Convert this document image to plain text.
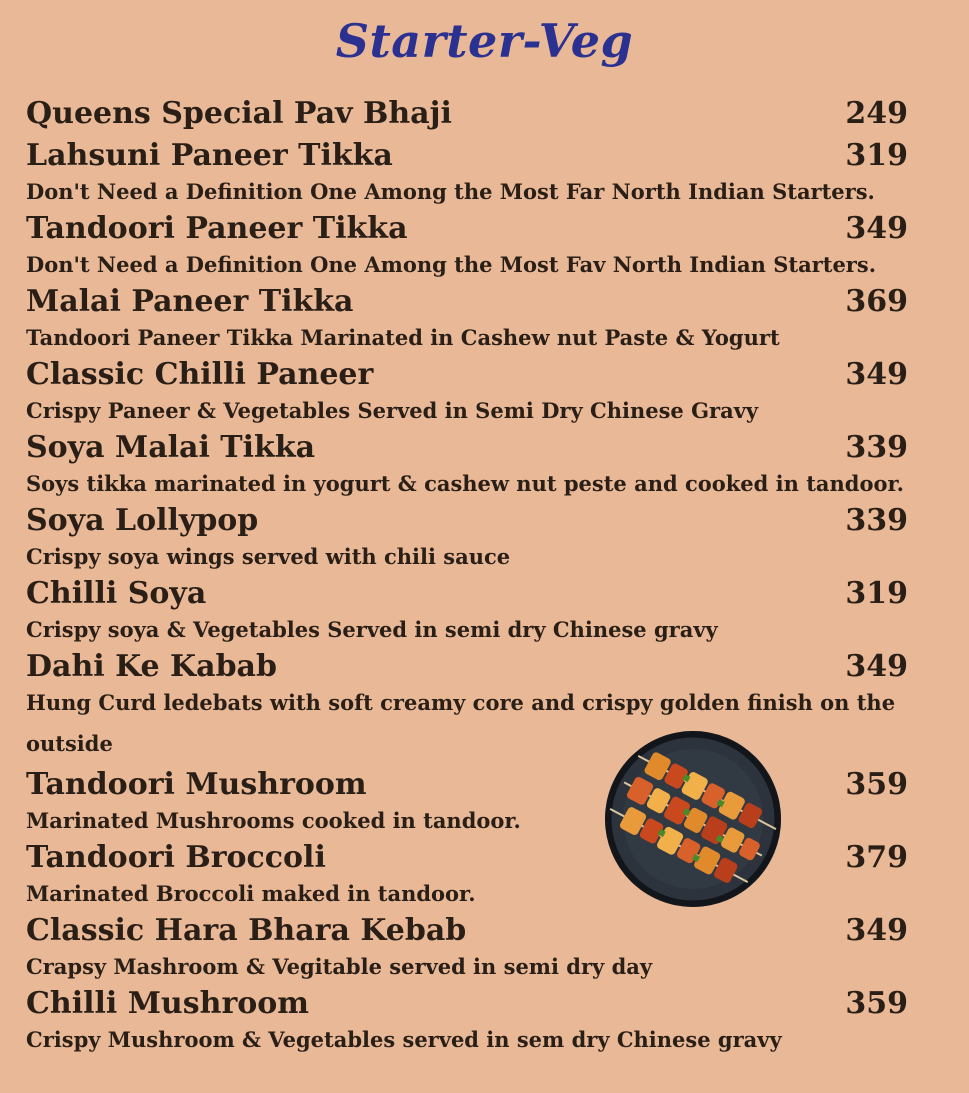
Starter-Veg
Queens Special Pav Bhaji	249
Lahsuni Paneer Tikka	319
Don't Need a Definition One Among the Most Far North Indian Starters.
Tandoori Paneer Tikka	349
Don't Need a Definition One Among the Most Fav North Indian Starters.
Malai Paneer Tikka	369
Tandoori Paneer Tikka Marinated in Cashew nut Paste & Yogurt
Classic Chilli Paneer	349
Crispy Paneer & Vegetables Served in Semi Dry Chinese Gravy
Soya Malai Tikka	339
Soys tikka marinated in yogurt & cashew nut peste and cooked in tandoor.
Soya Lollypop	339
Crispy soya wings served with chili sauce
Chilli Soya	319
Crispy soya & Vegetables Served in semi dry Chinese gravy
Dahi Ke Kabab	349
Hung Curd ledebats with soft creamy core and crispy golden finish on the outside
Tandoori Mushroom	359
Marinated Mushrooms cooked in tandoor.
Tandoori Broccoli	379
Marinated Broccoli maked in tandoor.
Classic Hara Bhara Kebab	349
Crapsy Mashroom & Vegitable served in semi dry day
Chilli Mushroom	359
Crispy Mushroom & Vegetables served in sem dry Chinese gravy
